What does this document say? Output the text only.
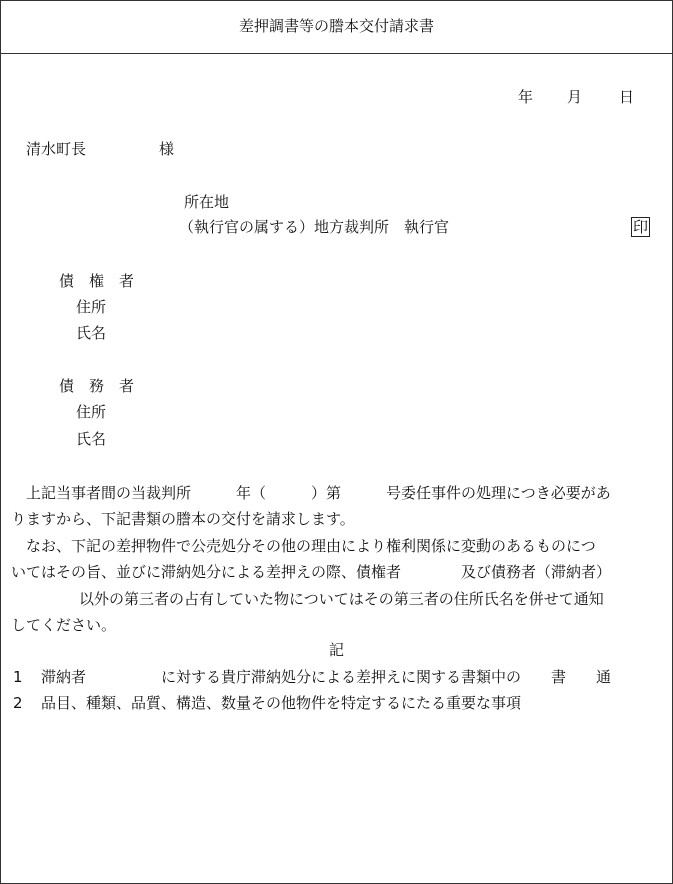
差押調書等の謄本交付請求書
年 月 日
清水町長	様
所在地
（執行官の属する）地方裁判所　執行官	印
債　権　者
住所
氏名
債　務　者
住所
氏名
上記当事者間の当裁判所　　　年（　　　）第　　　号委任事件の処理につき必要があ
りますから、下記書類の謄本の交付を請求します。
なお、下記の差押物件で公売処分その他の理由により権利関係に変動のあるものにつ
いてはその旨、並びに滞納処分による差押えの際、債権者　　　　及び債務者（滞納者）
以外の第三者の占有していた物についてはその第三者の住所氏名を併せて通知
してください。
記
1 滞納者　　　　　に対する貴庁滞納処分による差押えに関する書類中の　　書　　通
2 品目、種類、品質、構造、数量その他物件を特定するにたる重要な事項
